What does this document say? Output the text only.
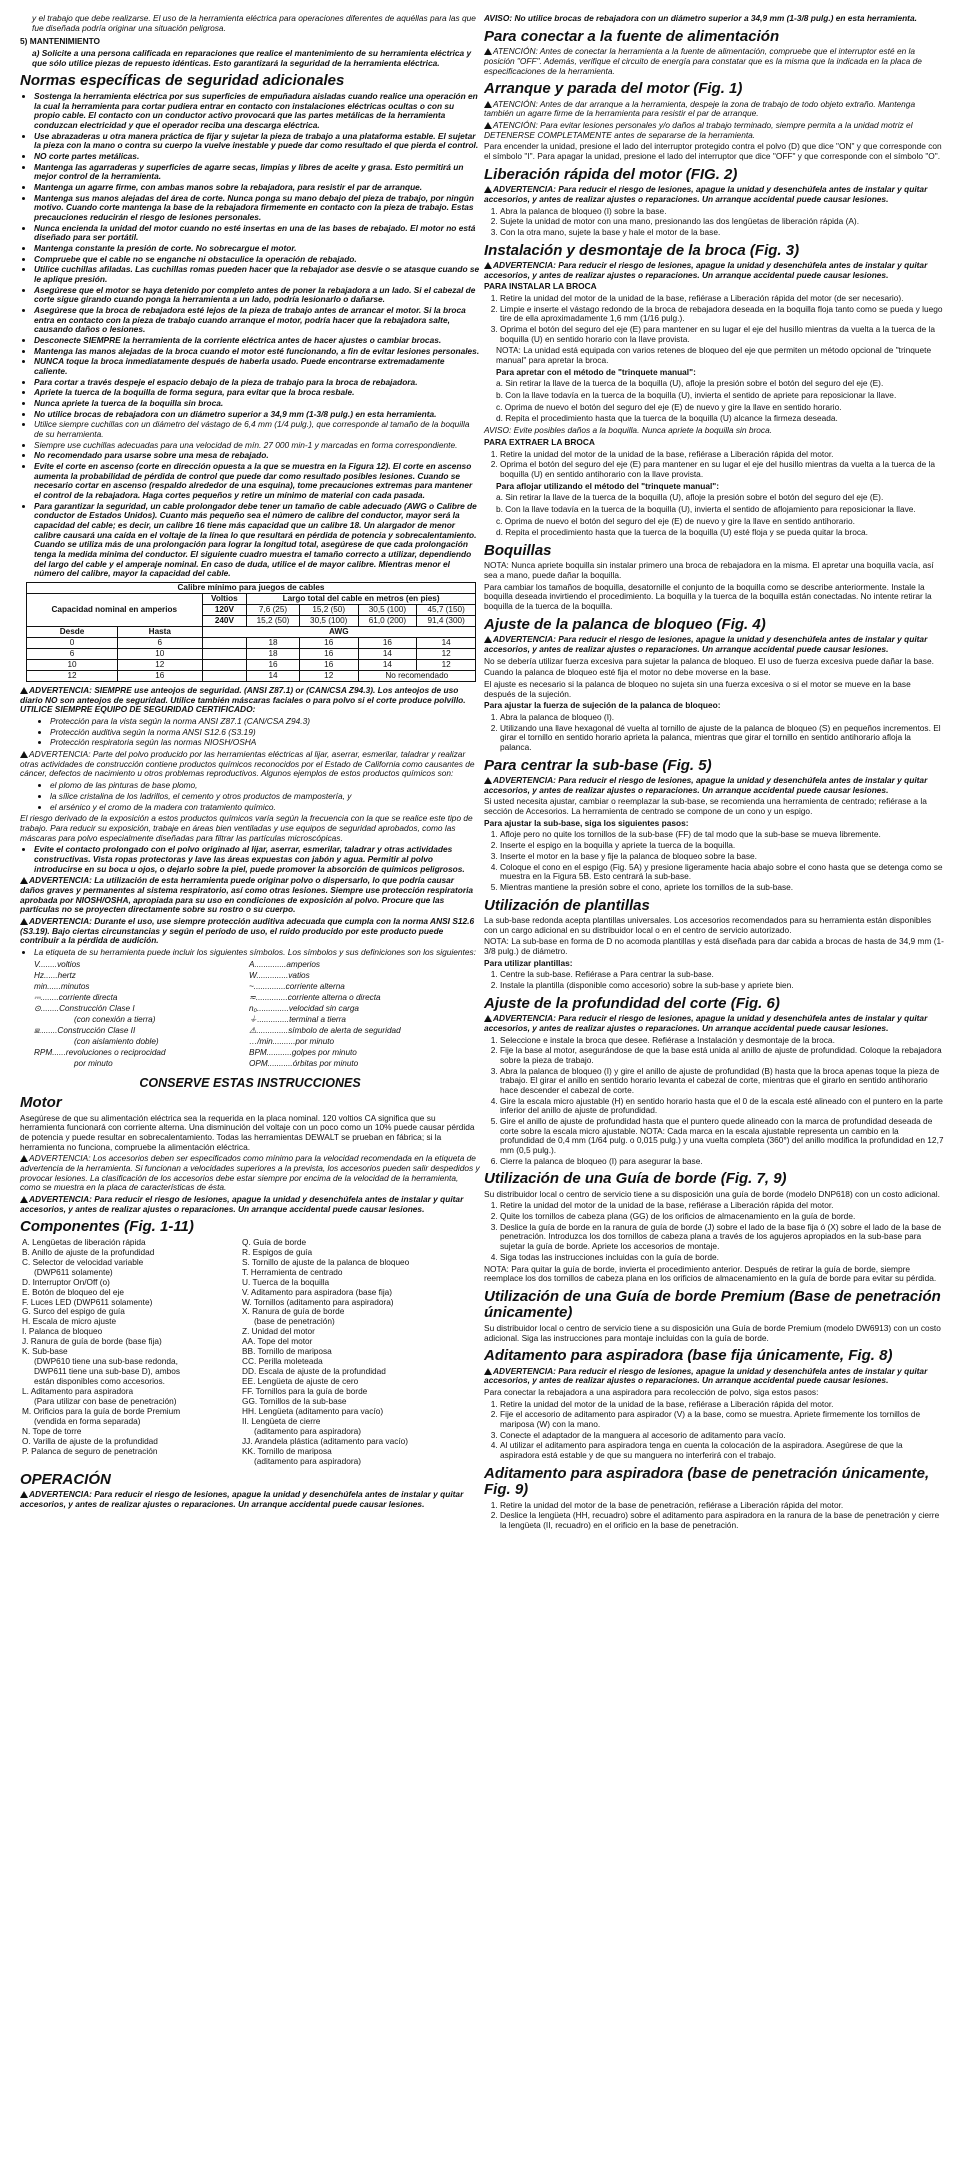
y el trabajo que debe realizarse. El uso de la herramienta eléctrica para operaciones diferentes de aquéllas para las que fue diseñada podría originar una situación peligrosa.

5) MANTENIMIENTO

a) Solicite a una persona calificada en reparaciones que realice el mantenimiento de su herramienta eléctrica y que sólo utilice piezas de repuesto idénticas. Esto garantizará la seguridad de la herramienta eléctrica.

Normas específicas de seguridad adicionales
• Sostenga la herramienta eléctrica por sus superficies de empuñadura aisladas cuando realice una operación en la cual la herramienta para cortar pudiera entrar en contacto con instalaciones eléctricas ocultas o con su propio cable. El contacto con un conductor activo provocará que las partes metálicas de la herramienta conduzcan electricidad y que el operador reciba una descarga eléctrica.
• Use abrazaderas u otra manera práctica de fijar y sujetar la pieza de trabajo a una plataforma estable. El sujetar la pieza con la mano o contra su cuerpo la vuelve inestable y puede dar como resultado el que pierda el control.
• NO corte partes metálicas.
• Mantenga las agarraderas y superficies de agarre secas, limpias y libres de aceite y grasa. Esto permitirá un mejor control de la herramienta.
• Mantenga un agarre firme, con ambas manos sobre la rebajadora, para resistir el par de arranque.
• Mantenga sus manos alejadas del área de corte. Nunca ponga su mano debajo del pieza de trabajo, por ningún motivo. Cuando corte mantenga la base de la rebajadora firmemente en contacto con la pieza de trabajo. Estas precauciones reducirán el riesgo de lesiones personales.
• Nunca encienda la unidad del motor cuando no esté insertas en una de las bases de rebajado. El motor no está diseñado para ser portátil.
• Mantenga constante la presión de corte. No sobrecargue el motor.
• Compruebe que el cable no se enganche ni obstaculice la operación de rebajado.
• Utilice cuchillas afiladas. Las cuchillas romas pueden hacer que la rebajador ase desvíe o se atasque cuando se le aplique presión.
• Asegúrese que el motor se haya detenido por completo antes de poner la rebajadora a un lado. Si el cabezal de corte sigue girando cuando ponga la herramienta a un lado, podría lesionarlo o dañarse.
• Asegúrese que la broca de rebajadora esté lejos de la pieza de trabajo antes de arrancar el motor. Si la broca entra en contacto con la pieza de trabajo cuando arranque el motor, podría hacer que la rebajadora salte, causando daños o lesiones.
• Desconecte SIEMPRE la herramienta de la corriente eléctrica antes de hacer ajustes o cambiar brocas.
• Mantenga las manos alejadas de la broca cuando el motor esté funcionando, a fin de evitar lesiones personales.
• NUNCA toque la broca inmediatamente después de haberla usado. Puede encontrarse extremadamente caliente.
• Para cortar a través despeje el espacio debajo de la pieza de trabajo para la broca de rebajadora.
• Apriete la tuerca de la boquilla de forma segura, para evitar que la broca resbale.
• Nunca apriete la tuerca de la boquilla sin broca.
• No utilice brocas de rebajadora con un diámetro superior a 34,9 mm (1-3/8 pulg.) en esta herramienta.
• Utilice siempre cuchillas con un diámetro del vástago de 6,4 mm (1/4 pulg.), que corresponde al tamaño de la boquilla de su herramienta.
• Siempre use cuchillas adecuadas para una velocidad de mín. 27 000 min-1 y marcadas en forma correspondiente.
• No recomendado para usarse sobre una mesa de rebajado.
• Evite el corte en ascenso (corte en dirección opuesta a la que se muestra en la Figura 12). El corte en ascenso aumenta la probabilidad de pérdida de control que puede dar como resultado posibles lesiones. Cuando se necesario cortar en ascenso (respaldo alrededor de una esquina), tome precauciones extremas para mantener el control de la rebajadora. Haga cortes pequeños y retire un mínimo de material con cada pasada.
• Para garantizar la seguridad, un cable prolongador debe tener un tamaño de cable adecuado (AWG o Calibre de conductor de Estados Unidos). Cuanto más pequeño sea el número de calibre del conductor, mayor será la capacidad del cable; es decir, un calibre 16 tiene más capacidad que un calibre 18. Un alargador de menor calibre causará una caída en el voltaje de la línea lo que resultará en pérdida de potencia y sobrecalentamiento. Cuando se utiliza más de una prolongación para lograr la longitud total, asegúrese de que cada prolongación tenga la medida mínima del conductor. El siguiente cuadro muestra el tamaño correcto a utilizar, dependiendo del largo del cable y el amperaje nominal. En caso de duda, utilice el de mayor calibre. Mientras menor el número del calibre, mayor la capacidad del cable.
Calibre mínimo para juegos de cables						
Capacidad nominal en amperios		Voltios	Largo total del cable en metros (en pies)			
		120V	7,6 (25)	15,2 (50)	30,5 (100)	45,7 (150)
		240V	15,2 (50)	30,5 (100)	61,0 (200)	91,4 (300)
Desde	Hasta	AWG				
0	6		18	16	16	14
6	10		18	16	14	12
10	12		16	16	14	12
12	16		14	12	No recomendado	

ADVERTENCIA: SIEMPRE use anteojos de seguridad. (ANSI Z87.1) or (CAN/CSA Z94.3). Los anteojos de uso diario NO son anteojos de seguridad. Utilice también máscaras faciales o para polvo si el corte produce polvillo. UTILICE SIEMPRE EQUIPO DE SEGURIDAD CERTIFICADO:

• Protección para la vista según la norma ANSI Z87.1 (CAN/CSA Z94.3)
• Protección auditiva según la norma ANSI S12.6 (S3.19)
• Protección respiratoria según las normas NIOSH/OSHA

ADVERTENCIA: Parte del polvo producido por las herramientas eléctricas al lijar, aserrar, esmerilar, taladrar y realizar otras actividades de construcción contiene productos químicos reconocidos por el Estado de California como causantes de cáncer, defectos de nacimiento u otros problemas reproductivos. Algunos ejemplos de estos productos químicos son:

• el plomo de las pinturas de base plomo,
• la sílice cristalina de los ladrillos, el cemento y otros productos de mampostería, y
• el arsénico y el cromo de la madera con tratamiento químico.

El riesgo derivado de la exposición a estos productos químicos varía según la frecuencia con la que se realice este tipo de trabajo. Para reducir su exposición, trabaje en áreas bien ventiladas y use equipos de seguridad aprobados, como las máscaras para polvo especialmente diseñadas para filtrar las partículas microscópicas.

• Evite el contacto prolongado con el polvo originado al lijar, aserrar, esmerilar, taladrar y otras actividades constructivas. Vista ropas protectoras y lave las áreas expuestas con jabón y agua. Permitir al polvo introducirse en su boca u ojos, o dejarlo sobre la piel, puede promover la absorción de químicos peligrosos.

ADVERTENCIA: La utilización de esta herramienta puede originar polvo o dispersarlo, lo que podría causar daños graves y permanentes al sistema respiratorio, así como otras lesiones. Siempre use protección respiratoria aprobada por NIOSH/OSHA, apropiada para su uso en condiciones de exposición al polvo. Procure que las partículas no se proyecten directamente sobre su rostro o su cuerpo.

ADVERTENCIA: Durante el uso, use siempre protección auditiva adecuada que cumpla con la norma ANSI S12.6 (S3.19). Bajo ciertas circunstancias y según el período de uso, el ruido producido por este producto puede contribuir a la pérdida de audición.

• La etiqueta de su herramienta puede incluir los siguientes símbolos. Los símbolos y sus definiciones son los siguientes:
V........voltios	A..............amperios
Hz......hertz	W..............vatios
min......minutos	~..............corriente alterna
⎓........corriente directa	≂..............corriente alterna o directa
⊙........Construcción Clase I	n₀..............velocidad sin carga
(con conexión a tierra)	⏚..............terminal a tierra
⧈........Construcción Clase II	⚠..............símbolo de alerta de seguridad
(con aislamiento doble)	…/min..........por minuto
RPM......revoluciones o reciprocidad	BPM...........golpes por minuto
por minuto	OPM...........órbitas por minuto
CONSERVE ESTAS INSTRUCCIONES
Motor

Asegúrese de que su alimentación eléctrica sea la requerida en la placa nominal. 120 voltios CA significa que su herramienta funcionará con corriente alterna. Una disminución del voltaje con un poco como un 10% puede causar pérdida de potencia y puede resultar en sobrecalentamiento. Todas las herramientas DEWALT se prueban en fábrica; si la herramienta no funciona, compruebe la alimentación eléctrica.

ADVERTENCIA: Los accesorios deben ser especificados como mínimo para la velocidad recomendada en la etiqueta de advertencia de la herramienta. Si funcionan a velocidades superiores a la prevista, los accesorios pueden salir despedidos y provocar lesiones. La clasificación de los accesorios debe estar siempre por encima de la velocidad de la herramienta, como se muestra en la placa de características de ésta.

ADVERTENCIA: Para reducir el riesgo de lesiones, apague la unidad y desenchúfela antes de instalar y quitar accesorios, y antes de realizar ajustes o reparaciones. Un arranque accidental puede causar lesiones.

Componentes (Fig. 1-11)
A. Lengüetas de liberación rápida
B. Anillo de ajuste de la profundidad
C. Selector de velocidad variable
(DWP611 solamente)
D. Interruptor On/Off (o)
E. Botón de bloqueo del eje
F. Luces LED (DWP611 solamente)
G. Surco del espigo de guía
H. Escala de micro ajuste
I. Palanca de bloqueo
J. Ranura de guía de borde (base fija)
K. Sub-base
(DWP610 tiene una sub-base redonda,
DWP611 tiene una sub-base D), ambos
están disponibles como accesorios.
L. Aditamento para aspiradora
(Para utilizar con base de penetración)
M. Orificios para la guía de borde Premium
(vendida en forma separada)
N. Tope de torre
O. Varilla de ajuste de la profundidad
P. Palanca de seguro de penetración
Q. Guía de borde
R. Espigos de guía
S. Tornillo de ajuste de la palanca de bloqueo
T. Herramienta de centrado
U. Tuerca de la boquilla
V. Aditamento para aspiradora (base fija)
W. Tornillos (aditamento para aspiradora)
X. Ranura de guía de borde
(base de penetración)
Z. Unidad del motor
AA. Tope del motor
BB. Tornillo de mariposa
CC. Perilla moleteada
DD. Escala de ajuste de la profundidad
EE. Lengüeta de ajuste de cero
FF. Tornillos para la guía de borde
GG. Tornillos de la sub-base
HH. Lengüeta (aditamento para vacío)
II. Lengüeta de cierre
(aditamento para aspiradora)
JJ. Arandela plástica (aditamento para vacío)
KK. Tornillo de mariposa
(aditamento para aspiradora)
OPERACIÓN

ADVERTENCIA: Para reducir el riesgo de lesiones, apague la unidad y desenchúfela antes de instalar y quitar accesorios, y antes de realizar ajustes o reparaciones. Un arranque accidental puede causar lesiones.

AVISO: No utilice brocas de rebajadora con un diámetro superior a 34,9 mm (1-3/8 pulg.) en esta herramienta.

Para conectar a la fuente de alimentación

ATENCIÓN: Antes de conectar la herramienta a la fuente de alimentación, compruebe que el interruptor esté en la posición "OFF". Además, verifique el circuito de energía para constatar que es la misma que la indicada en la placa de especificaciones de la herramienta.

Arranque y parada del motor (Fig. 1)

ATENCIÓN: Antes de dar arranque a la herramienta, despeje la zona de trabajo de todo objeto extraño. Mantenga también un agarre firme de la herramienta para resistir el par de arranque.

ATENCIÓN: Para evitar lesiones personales y/o daños al trabajo terminado, siempre permita a la unidad motriz el DETENERSE COMPLETAMENTE antes de separarse de la herramienta.

Para encender la unidad, presione el lado del interruptor protegido contra el polvo (D) que dice "ON" y que corresponde con el símbolo "I". Para apagar la unidad, presione el lado del interruptor que dice "OFF" y que corresponde con el símbolo "O".

Liberación rápida del motor (FIG. 2)

ADVERTENCIA: Para reducir el riesgo de lesiones, apague la unidad y desenchúfela antes de instalar y quitar accesorios, y antes de realizar ajustes o reparaciones. Un arranque accidental puede causar lesiones.

1. Abra la palanca de bloqueo (I) sobre la base.
2. Sujete la unidad de motor con una mano, presionando las dos lengüetas de liberación rápida (A).
3. Con la otra mano, sujete la base y hale el motor de la base.
Instalación y desmontaje de la broca (Fig. 3)

ADVERTENCIA: Para reducir el riesgo de lesiones, apague la unidad y desenchúfela antes de instalar y quitar accesorios, y antes de realizar ajustes o reparaciones. Un arranque accidental puede causar lesiones.

PARA INSTALAR LA BROCA

1. Retire la unidad del motor de la unidad de la base, refiérase a Liberación rápida del motor (de ser necesario).
2. Limpie e inserte el vástago redondo de la broca de rebajadora deseada en la boquilla floja tanto como se pueda y luego tire de ella aproximadamente 1,6 mm (1/16 pulg.).
3. Oprima el botón del seguro del eje (E) para mantener en su lugar el eje del husillo mientras da vuelta a la tuerca de la boquilla (U) en sentido horario con la llave provista.

NOTA: La unidad está equipada con varios retenes de bloqueo del eje que permiten un método opcional de "trinquete manual" para apretar la broca.

Para apretar con el método de "trinquete manual":

a. Sin retirar la llave de la tuerca de la boquilla (U), afloje la presión sobre el botón del seguro del eje (E).

b. Con la llave todavía en la tuerca de la boquilla (U), invierta el sentido de apriete para reposicionar la llave.

c. Oprima de nuevo el botón del seguro del eje (E) de nuevo y gire la llave en sentido horario.

d. Repita el procedimiento hasta que la tuerca de la boquilla (U) alcance la firmeza deseada.

AVISO: Evite posibles daños a la boquilla. Nunca apriete la boquilla sin broca.

PARA EXTRAER LA BROCA

1. Retire la unidad del motor de la unidad de la base, refiérase a Liberación rápida del motor.
2. Oprima el botón del seguro del eje (E) para mantener en su lugar el eje del husillo mientras da vuelta a la tuerca de la boquilla (U) en sentido antihorario con la llave provista.

Para aflojar utilizando el método del "trinquete manual":

a. Sin retirar la llave de la tuerca de la boquilla (U), afloje la presión sobre el botón del seguro del eje (E).

b. Con la llave todavía en la tuerca de la boquilla (U), invierta el sentido de aflojamiento para reposicionar la llave.

c. Oprima de nuevo el botón del seguro del eje (E) de nuevo y gire la llave en sentido antihorario.

d. Repita el procedimiento hasta que la tuerca de la boquilla (U) esté floja y se pueda quitar la broca.

Boquillas

NOTA: Nunca apriete boquilla sin instalar primero una broca de rebajadora en la misma. El apretar una boquilla vacía, así sea a mano, puede dañar la boquilla.

Para cambiar los tamaños de boquilla, desatornille el conjunto de la boquilla como se describe anteriormente. Instale la boquilla deseada invirtiendo el procedimiento. La boquilla y la tuerca de la boquilla están conectadas. No intente retirar la boquilla de la tuerca de la boquilla.

Ajuste de la palanca de bloqueo (Fig. 4)

ADVERTENCIA: Para reducir el riesgo de lesiones, apague la unidad y desenchúfela antes de instalar y quitar accesorios, y antes de realizar ajustes o reparaciones. Un arranque accidental puede causar lesiones.

No se debería utilizar fuerza excesiva para sujetar la palanca de bloqueo. El uso de fuerza excesiva puede dañar la base.

Cuando la palanca de bloqueo esté fija el motor no debe moverse en la base.

El ajuste es necesario si la palanca de bloqueo no sujeta sin una fuerza excesiva o si el motor se mueve en la base después de la sujeción.

Para ajustar la fuerza de sujeción de la palanca de bloqueo:

1. Abra la palanca de bloqueo (I).
2. Utilizando una llave hexagonal dé vuelta al tornillo de ajuste de la palanca de bloqueo (S) en pequeños incrementos. El girar el tornillo en sentido horario aprieta la palanca, mientras que girar el tornillo en sentido antihorario afloja la palanca.
Para centrar la sub-base (Fig. 5)

ADVERTENCIA: Para reducir el riesgo de lesiones, apague la unidad y desenchúfela antes de instalar y quitar accesorios, y antes de realizar ajustes o reparaciones. Un arranque accidental puede causar lesiones.

Si usted necesita ajustar, cambiar o reemplazar la sub-base, se recomienda una herramienta de centrado; refiérase a la sección de Accesorios. La herramienta de centrado se compone de un cono y un espigo.

Para ajustar la sub-base, siga los siguientes pasos:

1. Afloje pero no quite los tornillos de la sub-base (FF) de tal modo que la sub-base se mueva libremente.
2. Inserte el espigo en la boquilla y apriete la tuerca de la boquilla.
3. Inserte el motor en la base y fije la palanca de bloqueo sobre la base.
4. Coloque el cono en el espigo (Fig. 5A) y presione ligeramente hacia abajo sobre el cono hasta que se detenga como se muestra en la Figura 5B. Esto centrará la sub-base.
5. Mientras mantiene la presión sobre el cono, apriete los tornillos de la sub-base.
Utilización de plantillas

La sub-base redonda acepta plantillas universales. Los accesorios recomendados para su herramienta están disponibles con un cargo adicional en su distribuidor local o en el centro de servicio autorizado.

NOTA: La sub-base en forma de D no acomoda plantillas y está diseñada para dar cabida a brocas de hasta de 34,9 mm (1-3/8 pulg.) de diámetro.

Para utilizar plantillas:

1. Centre la sub-base. Refiérase a Para centrar la sub-base.
2. Instale la plantilla (disponible como accesorio) sobre la sub-base y apriete bien.
Ajuste de la profundidad del corte (Fig. 6)

ADVERTENCIA: Para reducir el riesgo de lesiones, apague la unidad y desenchúfela antes de instalar y quitar accesorios, y antes de realizar ajustes o reparaciones. Un arranque accidental puede causar lesiones.

1. Seleccione e instale la broca que desee. Refiérase a Instalación y desmontaje de la broca.
2. Fije la base al motor, asegurándose de que la base está unida al anillo de ajuste de profundidad. Coloque la rebajadora sobre la pieza de trabajo.
3. Abra la palanca de bloqueo (I) y gire el anillo de ajuste de profundidad (B) hasta que la broca apenas toque la pieza de trabajo. El girar el anillo en sentido horario levanta el cabezal de corte, mientras que el girarlo en sentido antihorario hace descender el cabezal de corte.
4. Gire la escala micro ajustable (H) en sentido horario hasta que el 0 de la escala esté alineado con el puntero en la parte inferior del anillo de ajuste de profundidad.
5. Gire el anillo de ajuste de profundidad hasta que el puntero quede alineado con la marca de profundidad deseada de corte sobre la escala micro ajustable. NOTA: Cada marca en la escala ajustable representa un cambio en la profundidad de 0,4 mm (1/64 pulg. o 0,015 pulg.) y una vuelta completa (360°) del anillo modifica la profundidad en 12,7 mm (0,5 pulg.).
6. Cierre la palanca de bloqueo (I) para asegurar la base.
Utilización de una Guía de borde (Fig. 7, 9)

Su distribuidor local o centro de servicio tiene a su disposición una guía de borde (modelo DNP618) con un costo adicional.

1. Retire la unidad del motor de la unidad de la base, refiérase a Liberación rápida del motor.
2. Quite los tornillos de cabeza plana (GG) de los orificios de almacenamiento en la guía de borde.
3. Deslice la guía de borde en la ranura de guía de borde (J) sobre el lado de la base fija ó (X) sobre el lado de la base de penetración. Introduzca los dos tornillos de cabeza plana a través de los agujeros apropiados en la sub-base para sujetar la guía de borde. Apriete los accesorios de montaje.
4. Siga todas las instrucciones incluidas con la guía de borde.

NOTA: Para quitar la guía de borde, invierta el procedimiento anterior. Después de retirar la guía de borde, siempre reemplace los dos tornillos de cabeza plana en los orificios de almacenamiento en la guía de borde para evitar su pérdida.

Utilización de una Guía de borde Premium (Base de penetración únicamente)

Su distribuidor local o centro de servicio tiene a su disposición una Guía de borde Premium (modelo DW6913) con un costo adicional. Siga las instrucciones para montaje incluidas con la guía de borde.

Aditamento para aspiradora (base fija únicamente, Fig. 8)

ADVERTENCIA: Para reducir el riesgo de lesiones, apague la unidad y desenchúfela antes de instalar y quitar accesorios, y antes de realizar ajustes o reparaciones. Un arranque accidental puede causar lesiones.

Para conectar la rebajadora a una aspiradora para recolección de polvo, siga estos pasos:

1. Retire la unidad del motor de la unidad de la base, refiérase a Liberación rápida del motor.
2. Fije el accesorio de aditamento para aspirador (V) a la base, como se muestra. Apriete firmemente los tornillos de mariposa (W) con la mano.
3. Conecte el adaptador de la manguera al accesorio de aditamento para vacío.
4. Al utilizar el aditamento para aspiradora tenga en cuenta la colocación de la aspiradora. Asegúrese de que la aspiradora está estable y de que su manguera no interferirá con el trabajo.
Aditamento para aspiradora (base de penetración únicamente, Fig. 9)
1. Retire la unidad del motor de la base de penetración, refiérase a Liberación rápida del motor.
2. Deslice la lengüeta (HH, recuadro) sobre el aditamento para aspiradora en la ranura de la base de penetración y cierre la lengüeta (II, recuadro) en el orificio en la base de penetración.
